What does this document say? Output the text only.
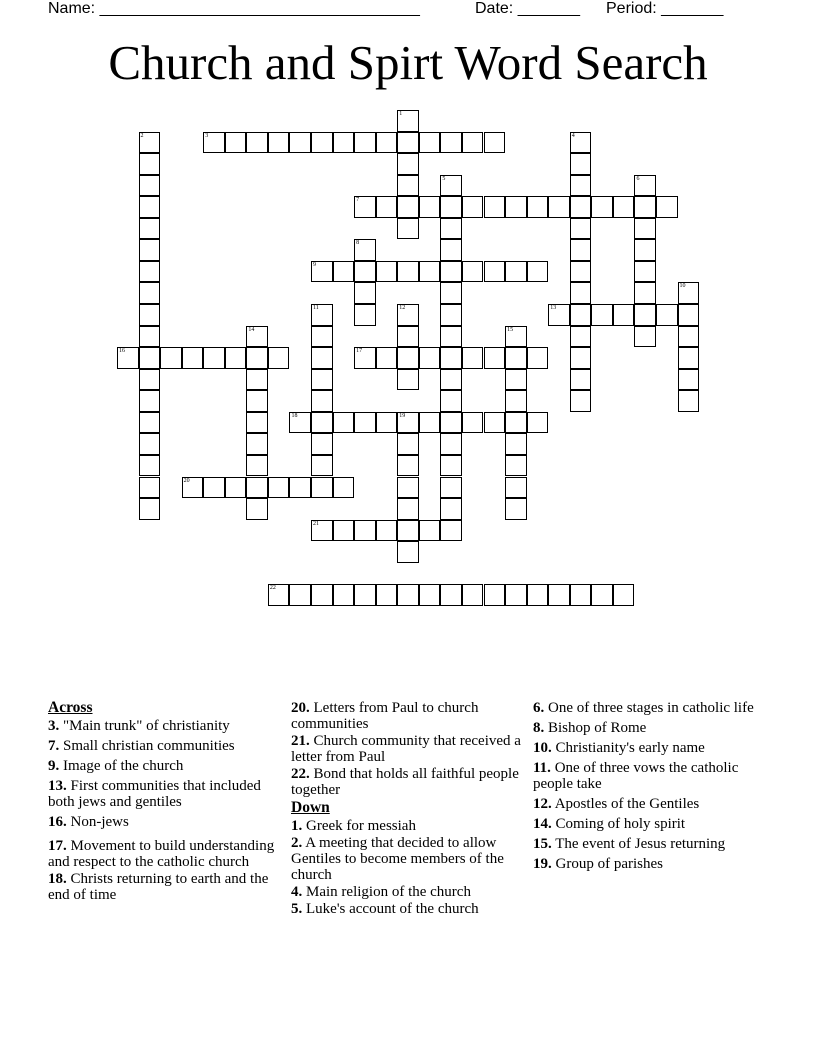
Name: ____________________________________	Date: _______ Period: _______
Church and Spirt Word Search
1
2	3	4
5	6
7
8
9
10
11	12	13
14	15
16	17
18	19
20
21
22
Across
3. "Main trunk" of christianity
7. Small christian communities
9. Image of the church
13. First communities that included both jews and gentiles
16. Non-jews
17. Movement to build understanding and respect to the catholic church
18. Christs returning to earth and the end of time
20. Letters from Paul to church communities
21. Church community that received a letter from Paul
22. Bond that holds all faithful people together
Down
1. Greek for messiah
2. A meeting that decided to allow Gentiles to become members of the church
4. Main religion of the church
5. Luke's account of the church
6. One of three stages in catholic life
8. Bishop of Rome
10. Christianity's early name
11. One of three vows the catholic people take
12. Apostles of the Gentiles
14. Coming of holy spirit
15. The event of Jesus returning
19. Group of parishes
